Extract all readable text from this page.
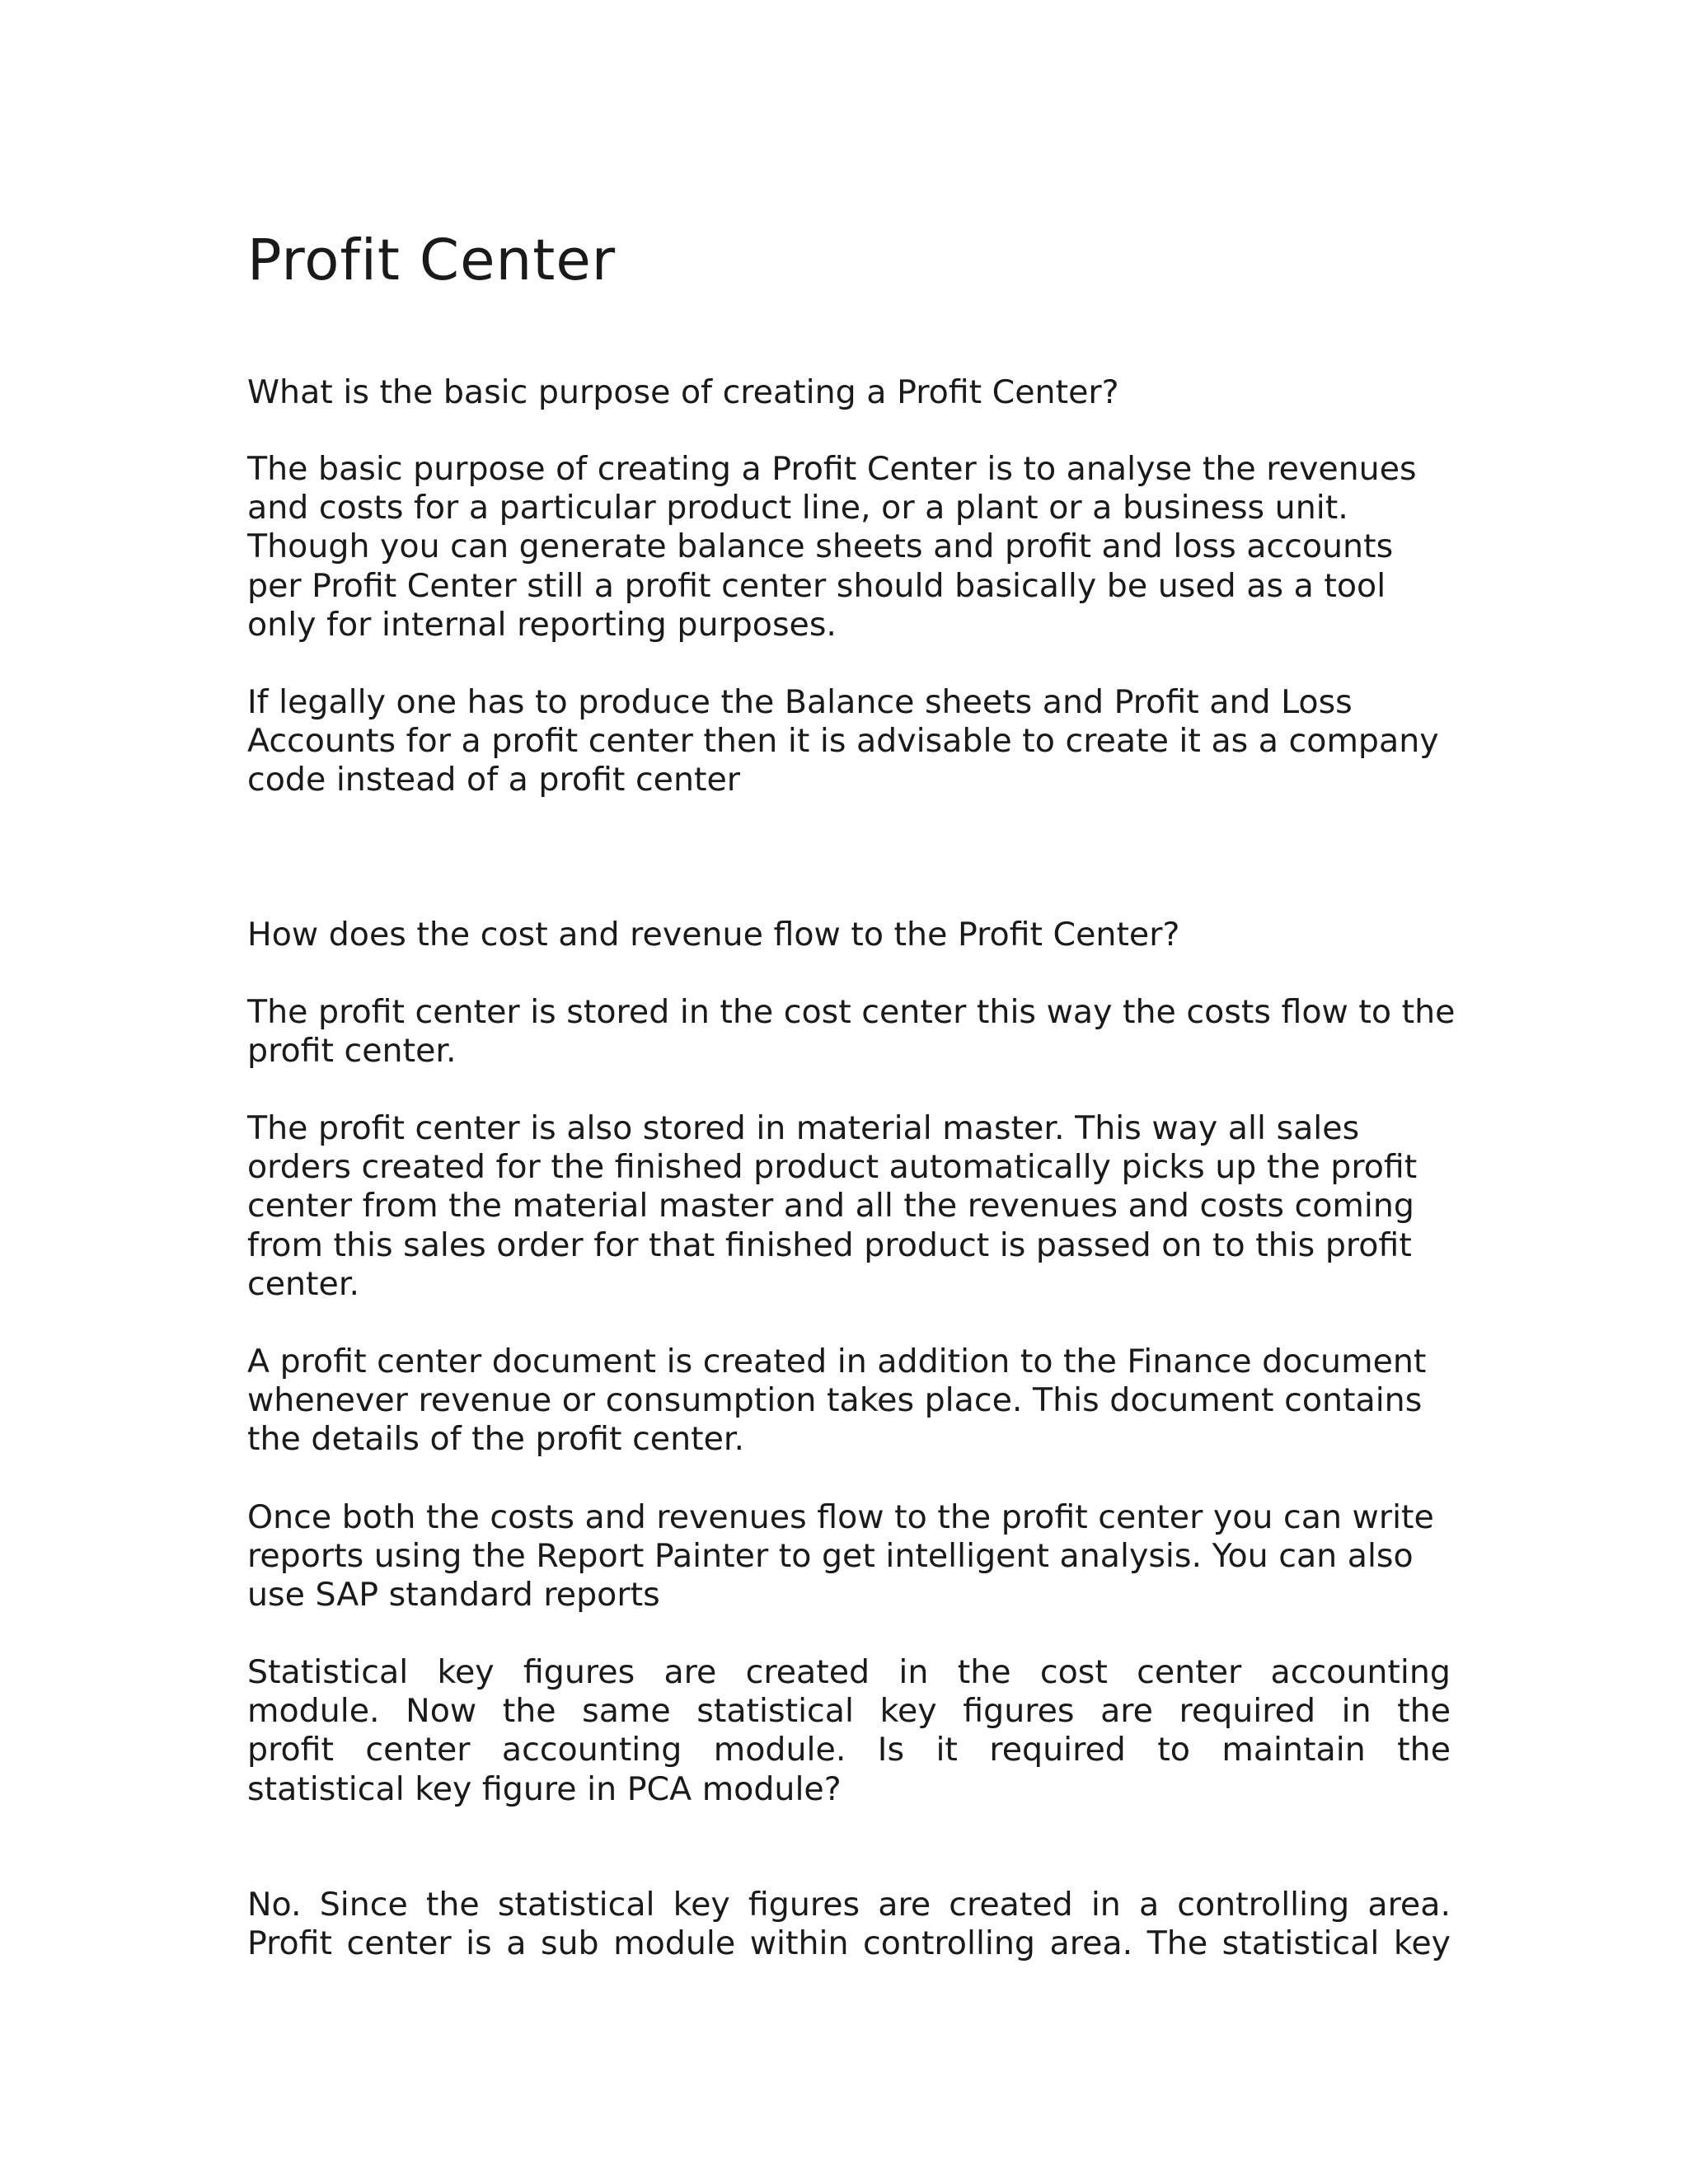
Profit Center

What is the basic purpose of creating a Profit Center?

The basic purpose of creating a Profit Center is to analyse the revenues
and costs for a particular product line, or a plant or a business unit.
Though you can generate balance sheets and profit and loss accounts
per Profit Center still a profit center should basically be used as a tool
only for internal reporting purposes.

If legally one has to produce the Balance sheets and Profit and Loss
Accounts for a profit center then it is advisable to create it as a company
code instead of a profit center

How does the cost and revenue flow to the Profit Center?

The profit center is stored in the cost center this way the costs flow to the
profit center.

The profit center is also stored in material master. This way all sales
orders created for the finished product automatically picks up the profit
center from the material master and all the revenues and costs coming
from this sales order for that finished product is passed on to this profit
center.

A profit center document is created in addition to the Finance document
whenever revenue or consumption takes place. This document contains
the details of the profit center.

Once both the costs and revenues flow to the profit center you can write
reports using the Report Painter to get intelligent analysis. You can also
use SAP standard reports

Statistical key figures are created in the cost center accounting
module. Now the same statistical key figures are required in the
profit center accounting module. Is it required to maintain the
statistical key figure in PCA module?

No. Since the statistical key figures are created in a controlling area.
Profit center is a sub module within controlling area. The statistical key
